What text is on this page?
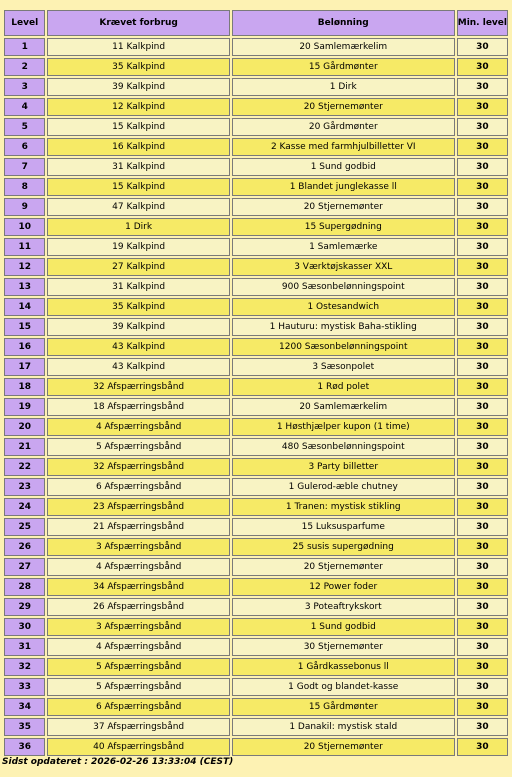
Level	Krævet forbrug	Belønning	Min. level
1	11 Kalkpind	20 Samlemærkelim	30
2	35 Kalkpind	15 Gårdmønter	30
3	39 Kalkpind	1 Dirk	30
4	12 Kalkpind	20 Stjernemønter	30
5	15 Kalkpind	20 Gårdmønter	30
6	16 Kalkpind	2 Kasse med farmhjulbilletter VI	30
7	31 Kalkpind	1 Sund godbid	30
8	15 Kalkpind	1 Blandet junglekasse ll	30
9	47 Kalkpind	20 Stjernemønter	30
10	1 Dirk	15 Supergødning	30
11	19 Kalkpind	1 Samlemærke	30
12	27 Kalkpind	3 Værktøjskasser XXL	30
13	31 Kalkpind	900 Sæsonbelønningspoint	30
14	35 Kalkpind	1 Ostesandwich	30
15	39 Kalkpind	1 Hauturu: mystisk Baha-stikling	30
16	43 Kalkpind	1200 Sæsonbelønningspoint	30
17	43 Kalkpind	3 Sæsonpolet	30
18	32 Afspærringsbånd	1 Rød polet	30
19	18 Afspærringsbånd	20 Samlemærkelim	30
20	4 Afspærringsbånd	1 Høsthjælper kupon (1 time)	30
21	5 Afspærringsbånd	480 Sæsonbelønningspoint	30
22	32 Afspærringsbånd	3 Party billetter	30
23	6 Afspærringsbånd	1 Gulerod-æble chutney	30
24	23 Afspærringsbånd	1 Tranen: mystisk stikling	30
25	21 Afspærringsbånd	15 Luksusparfume	30
26	3 Afspærringsbånd	25 susis supergødning	30
27	4 Afspærringsbånd	20 Stjernemønter	30
28	34 Afspærringsbånd	12 Power foder	30
29	26 Afspærringsbånd	3 Poteaftrykskort	30
30	3 Afspærringsbånd	1 Sund godbid	30
31	4 Afspærringsbånd	30 Stjernemønter	30
32	5 Afspærringsbånd	1 Gårdkassebonus ll	30
33	5 Afspærringsbånd	1 Godt og blandet-kasse	30
34	6 Afspærringsbånd	15 Gårdmønter	30
35	37 Afspærringsbånd	1 Danakil: mystisk stald	30
36	40 Afspærringsbånd	20 Stjernemønter	30
Sidst opdateret : 2026-02-26 13:33:04 (CEST)
